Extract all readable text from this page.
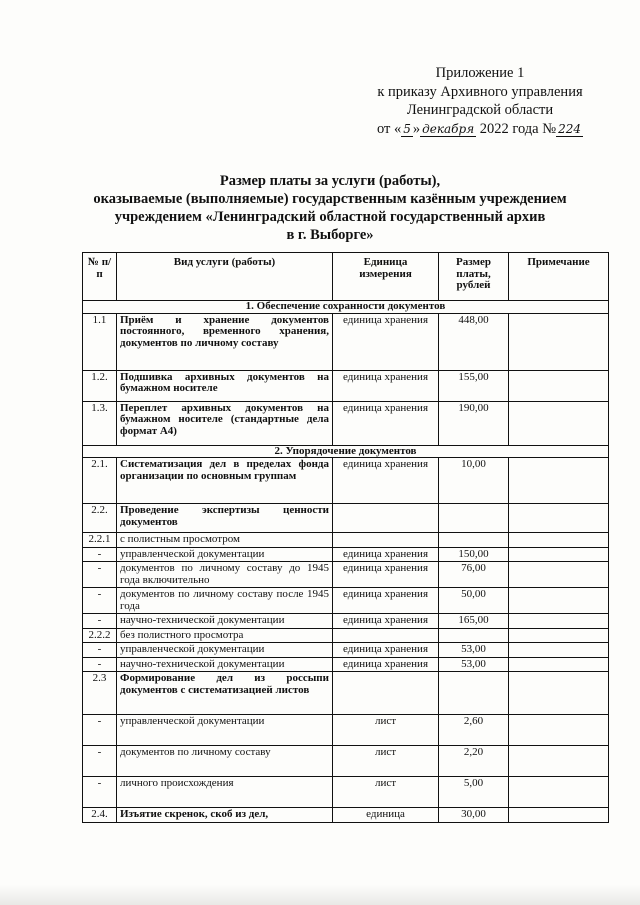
Приложение 1
к приказу Архивного управления
Ленинградской области
от « 5 » декабря 2022 года № 224
Размер платы за услуги (работы),
оказываемые (выполняемые) государственным казённым учреждением
учреждением «Ленинградский областной государственный архив
в г. Выборге»
№ п/п	Вид услуги (работы)	Единица измерения	Размер платы, рублей	Примечание
1. Обеспечение сохранности документов				
1.1	Приём и хранение документов постоянного, временного хранения, документов по личному составу	единица хранения	448,00	
1.2.	Подшивка архивных документов на бумажном носителе	единица хранения	155,00	
1.3.	Переплет архивных документов на бумажном носителе (стандартные дела формат А4)	единица хранения	190,00	
2. Упорядочение документов				
2.1.	Систематизация дел в пределах фонда организации по основным группам	единица хранения	10,00	
2.2.	Проведение экспертизы ценности документов			
2.2.1	с полистным просмотром			
-	управленческой документации	единица хранения	150,00	
-	документов по личному составу до 1945 года включительно	единица хранения	76,00	
-	документов по личному составу после 1945 года	единица хранения	50,00	
-	научно-технической документации	единица хранения	165,00	
2.2.2	без полистного просмотра			
-	управленческой документации	единица хранения	53,00	
-	научно-технической документации	единица хранения	53,00	
2.3	Формирование дел из россыпи документов с систематизацией листов			
-	управленческой документации	лист	2,60	
-	документов по личному составу	лист	2,20	
-	личного происхождения	лист	5,00	
2.4.	Изъятие скренок, скоб из дел,	единица	30,00	
